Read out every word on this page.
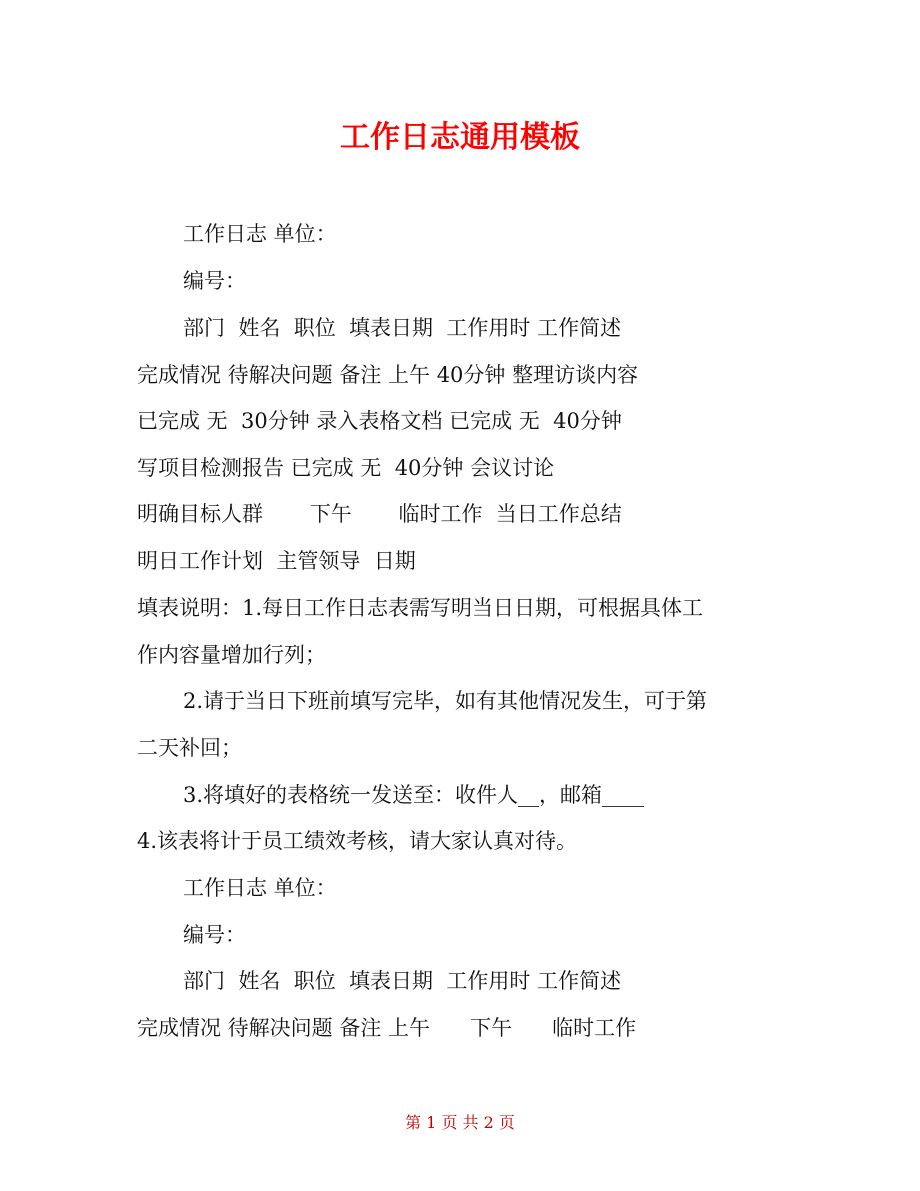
工作日志通用模板
工作日志 单位：
编号：
部门  姓名  职位  填表日期  工作用时 工作简述
完成情况 待解决问题 备注 上午 40分钟 整理访谈内容
已完成 无  30分钟 录入表格文档 已完成 无  40分钟
写项目检测报告 已完成 无  40分钟 会议讨论
明确目标人群       下午       临时工作  当日工作总结
明日工作计划  主管领导  日期
填表说明：1.每日工作日志表需写明当日日期，可根据具体工
作内容量增加行列；
2.请于当日下班前填写完毕，如有其他情况发生，可于第
二天补回；
3.将填好的表格统一发送至：收件人__，邮箱____
4.该表将计于员工绩效考核，请大家认真对待。
工作日志 单位：
编号：
部门  姓名  职位  填表日期  工作用时 工作简述
完成情况 待解决问题 备注 上午      下午      临时工作
第 1 页 共 2 页
